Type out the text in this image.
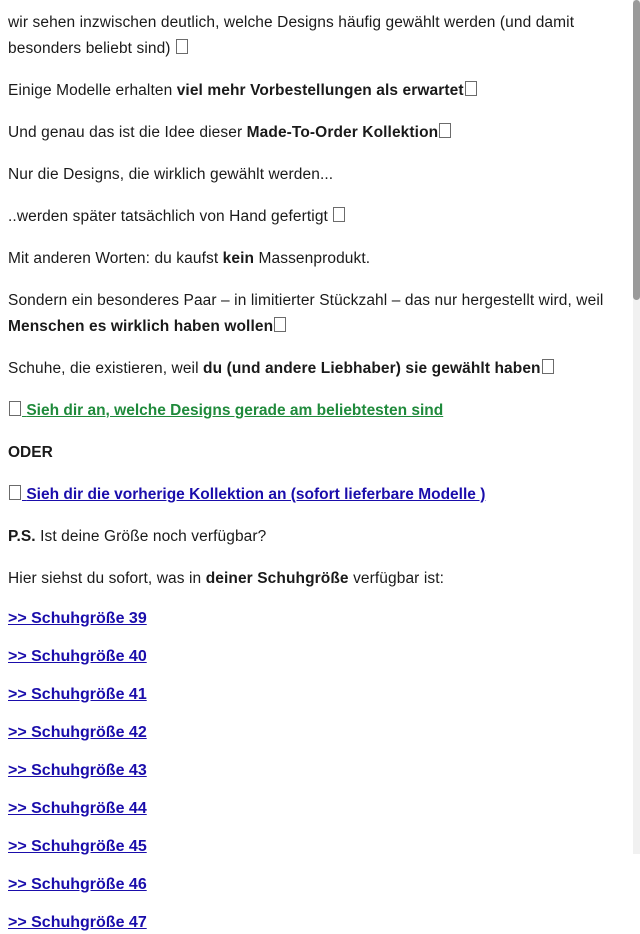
wir sehen inzwischen deutlich, welche Designs häufig gewählt werden (und damit besonders beliebt sind)

Einige Modelle erhalten viel mehr Vorbestellungen als erwartet

Und genau das ist die Idee dieser Made-To-Order Kollektion

Nur die Designs, die wirklich gewählt werden...

..werden später tatsächlich von Hand gefertigt

Mit anderen Worten: du kaufst kein Massenprodukt.

Sondern ein besonderes Paar – in limitierter Stückzahl – das nur hergestellt wird, weil Menschen es wirklich haben wollen

Schuhe, die existieren, weil du (und andere Liebhaber) sie gewählt haben

Sieh dir an, welche Designs gerade am beliebtesten sind

ODER

Sieh dir die vorherige Kollektion an (sofort lieferbare Modelle )

P.S. Ist deine Größe noch verfügbar?

Hier siehst du sofort, was in deiner Schuhgröße verfügbar ist:

>> Schuhgröße 39

>> Schuhgröße 40

>> Schuhgröße 41

>> Schuhgröße 42

>> Schuhgröße 43

>> Schuhgröße 44

>> Schuhgröße 45

>> Schuhgröße 46

>> Schuhgröße 47
